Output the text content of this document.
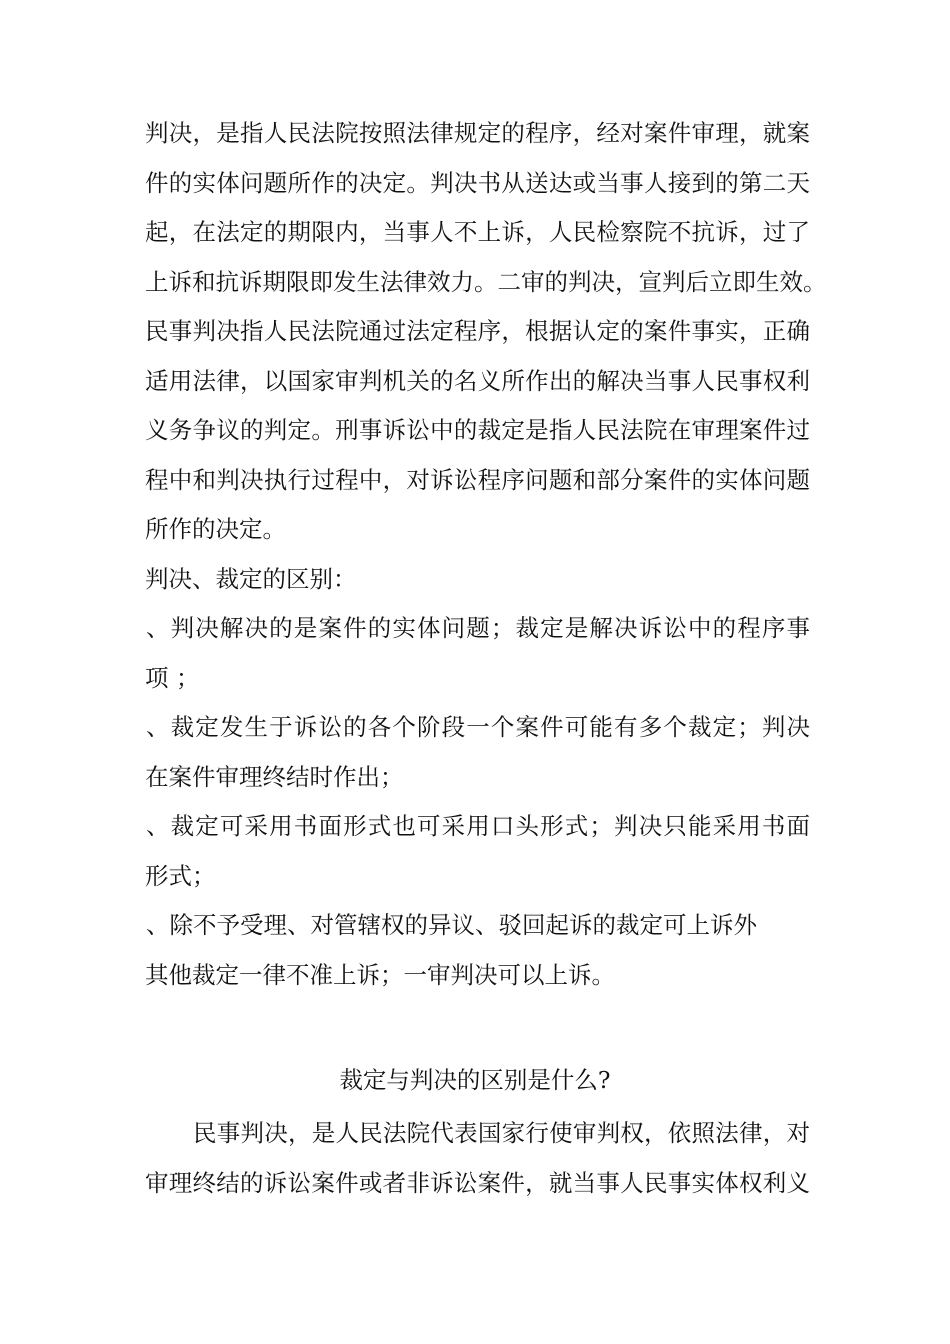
判决，是指人民法院按照法律规定的程序，经对案件审理，就案
件的实体问题所作的决定。判决书从送达或当事人接到的第二天
起，在法定的期限内，当事人不上诉，人民检察院不抗诉，过了
上诉和抗诉期限即发生法律效力。二审的判决，宣判后立即生效。
民事判决指人民法院通过法定程序，根据认定的案件事实，正确
适用法律，以国家审判机关的名义所作出的解决当事人民事权利
义务争议的判定。刑事诉讼中的裁定是指人民法院在审理案件过
程中和判决执行过程中，对诉讼程序问题和部分案件的实体问题
所作的决定。
判决、裁定的区别：
、判决解决的是案件的实体问题；裁定是解决诉讼中的程序事
项 ；
、裁定发生于诉讼的各个阶段一个案件可能有多个裁定；判决
在案件审理终结时作出；
、裁定可采用书面形式也可采用口头形式；判决只能采用书面
形式；
、除不予受理、对管辖权的异议、驳回起诉的裁定可上诉外
其他裁定一律不准上诉；一审判决可以上诉。
裁定与判决的区别是什么?
民事判决，是人民法院代表国家行使审判权，依照法律，对
审理终结的诉讼案件或者非诉讼案件，就当事人民事实体权利义
